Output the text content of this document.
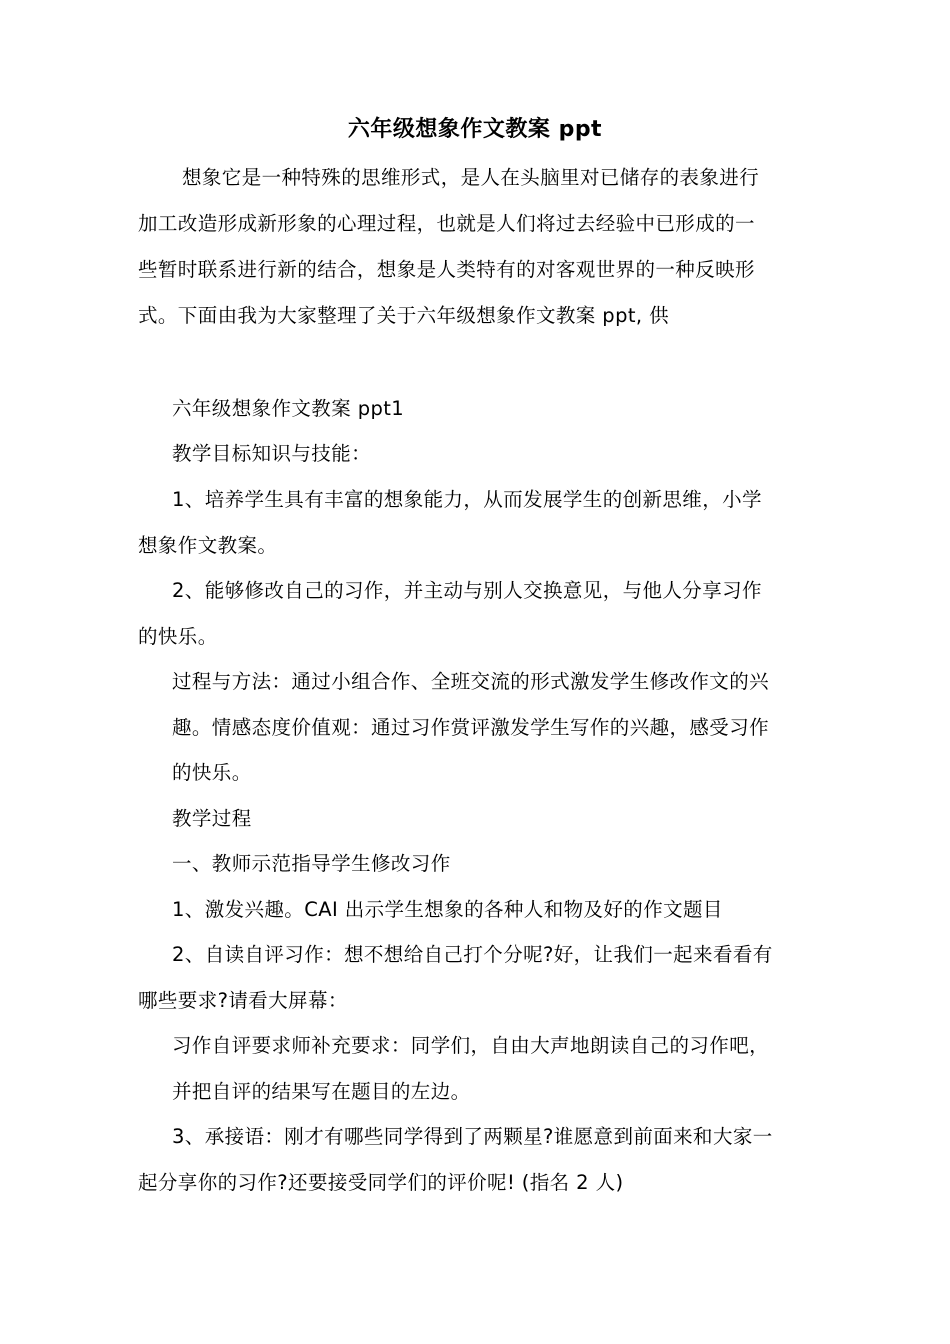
六年级想象作文教案 ppt
想象它是一种特殊的思维形式，是人在头脑里对已储存的表象进行
加工改造形成新形象的心理过程，也就是人们将过去经验中已形成的一
些暂时联系进行新的结合，想象是人类特有的对客观世界的一种反映形
式。下面由我为大家整理了关于六年级想象作文教案 ppt, 供
六年级想象作文教案 ppt1
教学目标知识与技能：
1、培养学生具有丰富的想象能力，从而发展学生的创新思维，小学
想象作文教案。
2、能够修改自己的习作，并主动与别人交换意见，与他人分享习作
的快乐。
过程与方法：通过小组合作、全班交流的形式激发学生修改作文的兴
趣。情感态度价值观：通过习作赏评激发学生写作的兴趣，感受习作
的快乐。
教学过程
一、教师示范指导学生修改习作
1、激发兴趣。CAI 出示学生想象的各种人和物及好的作文题目
2、自读自评习作：想不想给自己打个分呢?好，让我们一起来看看有
哪些要求?请看大屏幕：
习作自评要求师补充要求：同学们，自由大声地朗读自己的习作吧，
并把自评的结果写在题目的左边。
3、承接语：刚才有哪些同学得到了两颗星?谁愿意到前面来和大家一
起分享你的习作?还要接受同学们的评价呢! (指名 2 人)
